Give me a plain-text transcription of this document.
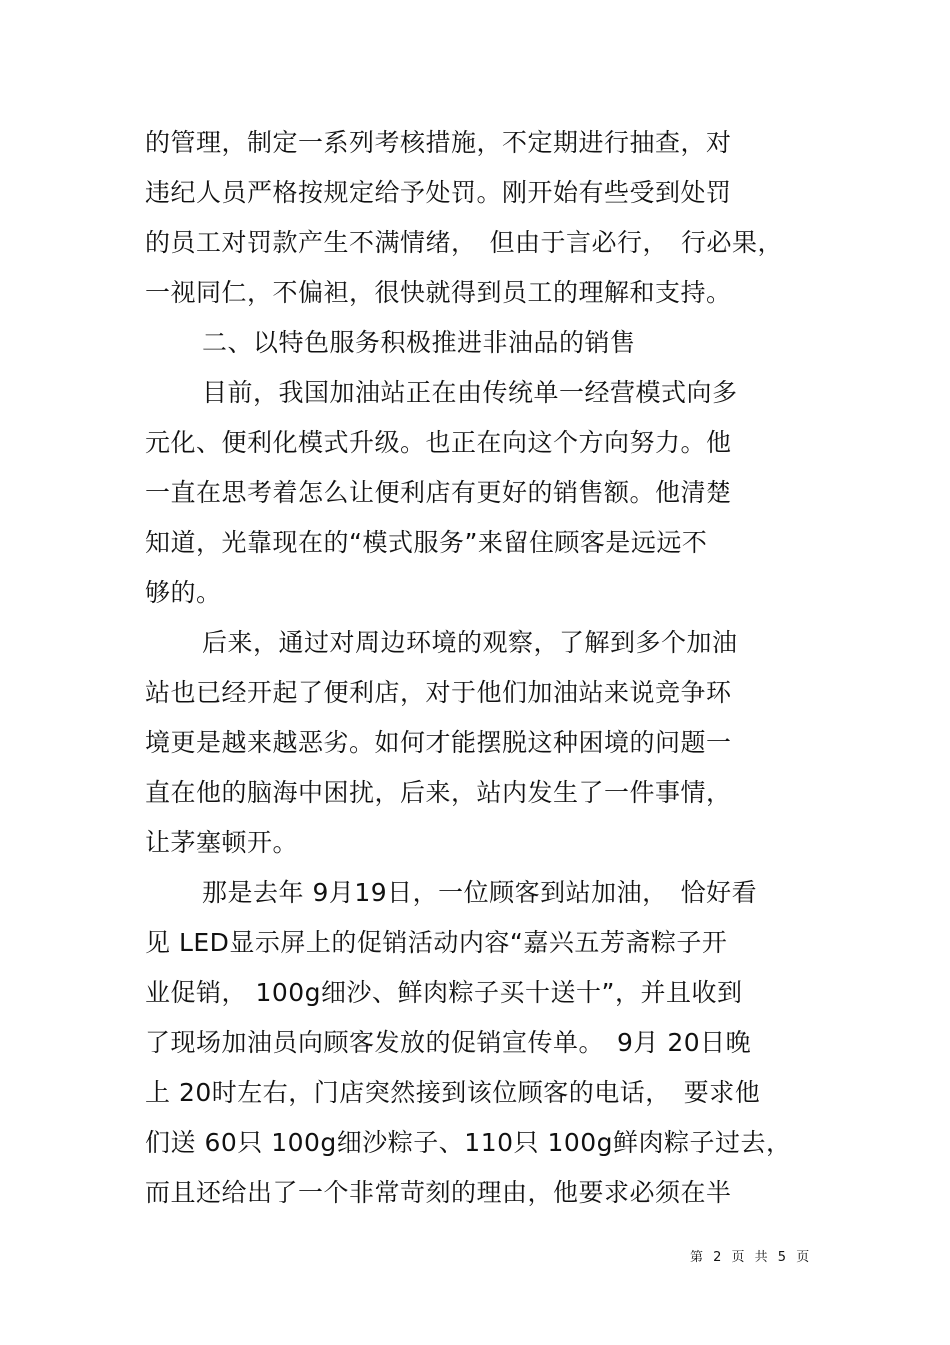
的管理，制定一系列考核措施，不定期进行抽查，对
违纪人员严格按规定给予处罚。刚开始有些受到处罚
的员工对罚款产生不满情绪，　但由于言必行，　行必果，
一视同仁，不偏袒，很快就得到员工的理解和支持。
二、以特色服务积极推进非油品的销售
目前，我国加油站正在由传统单一经营模式向多
元化、便利化模式升级。也正在向这个方向努力。他
一直在思考着怎么让便利店有更好的销售额。他清楚
知道，光靠现在的“模式服务”来留住顾客是远远不
够的。
后来，通过对周边环境的观察，了解到多个加油
站也已经开起了便利店，对于他们加油站来说竞争环
境更是越来越恶劣。如何才能摆脱这种困境的问题一
直在他的脑海中困扰，后来，站内发生了一件事情，
让茅塞顿开。
那是去年 9月19日，一位顾客到站加油，　恰好看
见 LED显示屏上的促销活动内容“嘉兴五芳斋粽子开
业促销， 100g细沙、鲜肉粽子买十送十”，并且收到
了现场加油员向顾客发放的促销宣传单。　9月 20日晚
上 20时左右，门店突然接到该位顾客的电话，　要求他
们送 60只 100g细沙粽子、110只 100g鲜肉粽子过去，
而且还给出了一个非常苛刻的理由，他要求必须在半
第 2 页 共 5 页
